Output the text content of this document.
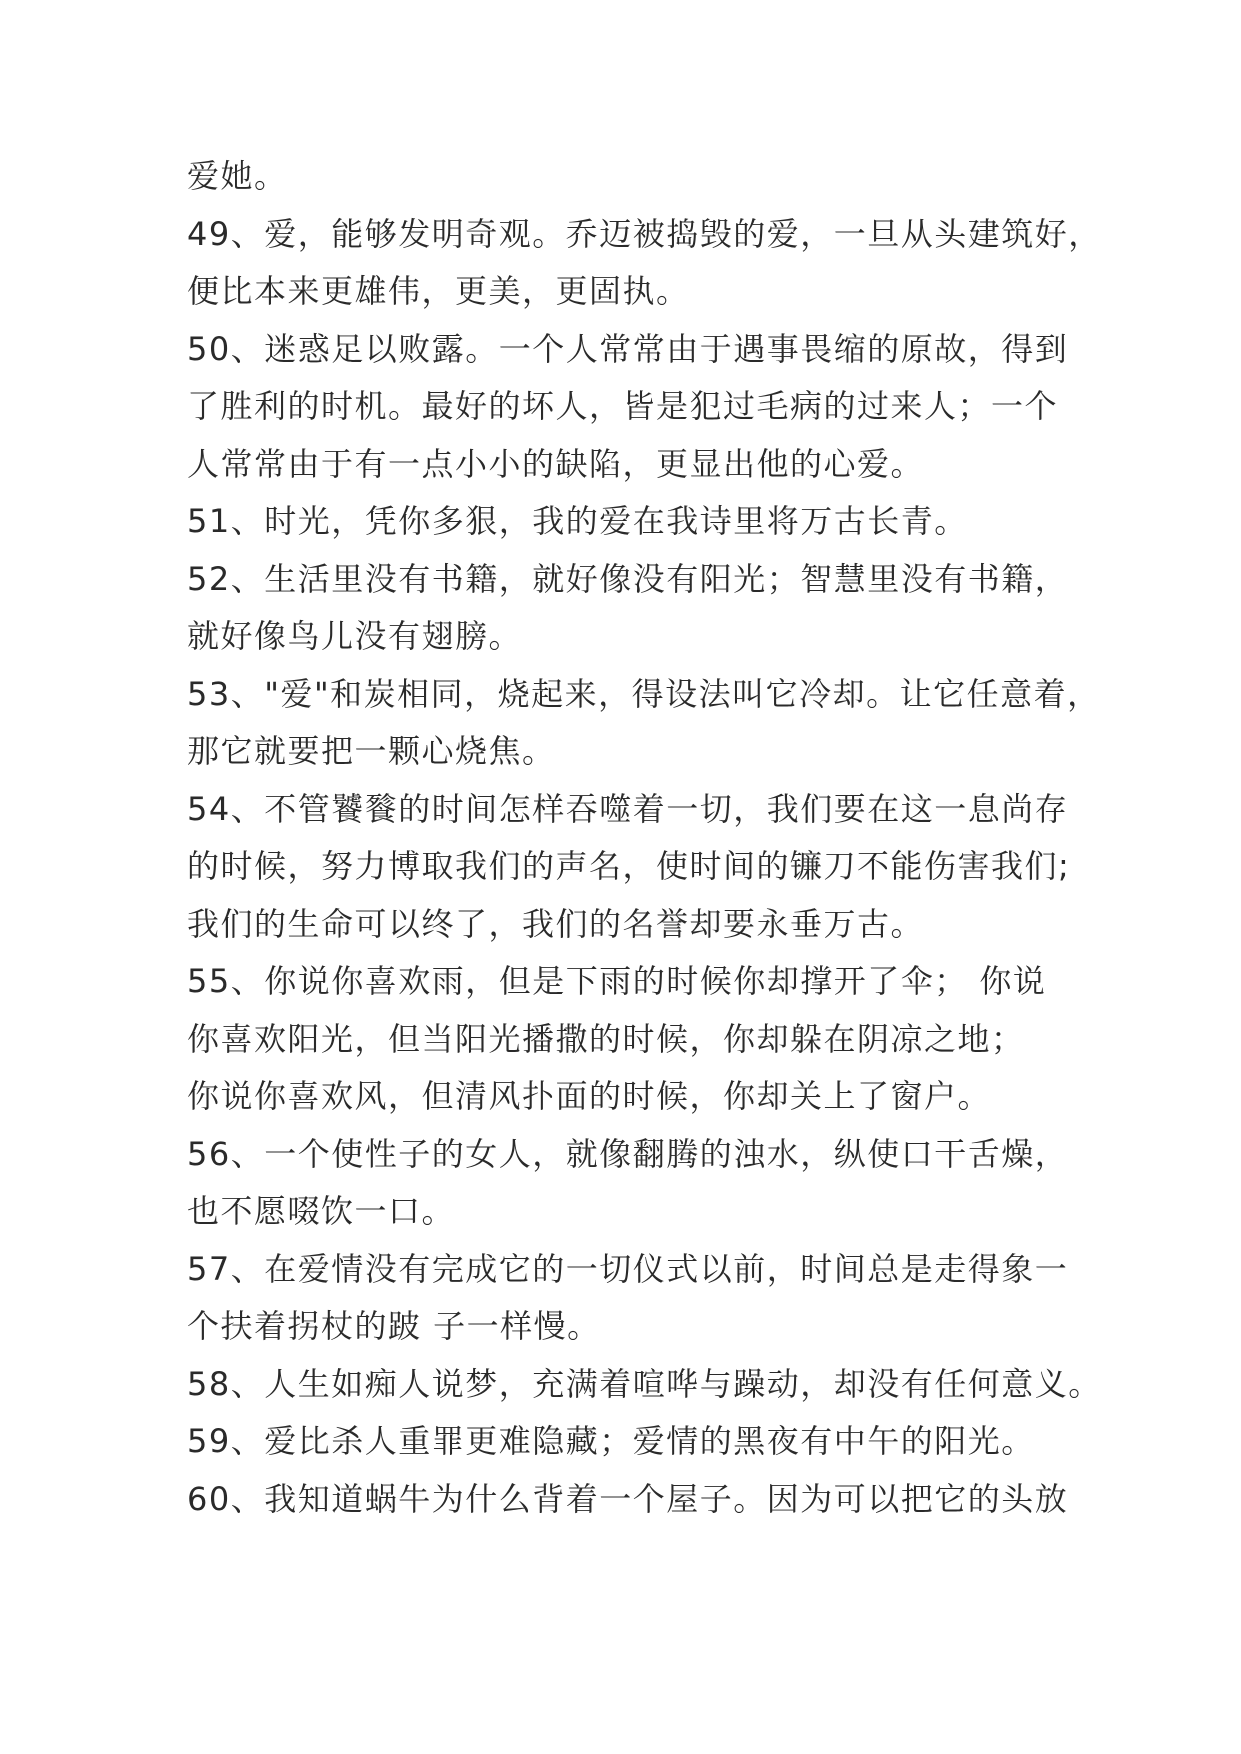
爱她。
49、爱，能够发明奇观。乔迈被捣毁的爱，一旦从头建筑好，
便比本来更雄伟，更美，更固执。
50、迷惑足以败露。一个人常常由于遇事畏缩的原故，得到
了胜利的时机。最好的坏人，皆是犯过毛病的过来人；一个
人常常由于有一点小小的缺陷，更显出他的心爱。
51、时光，凭你多狠，我的爱在我诗里将万古长青。
52、生活里没有书籍，就好像没有阳光；智慧里没有书籍，
就好像鸟儿没有翅膀。
53、"爱"和炭相同，烧起来，得设法叫它冷却。让它任意着，
那它就要把一颗心烧焦。
54、不管饕餮的时间怎样吞噬着一切，我们要在这一息尚存
的时候，努力博取我们的声名，使时间的镰刀不能伤害我们;
我们的生命可以终了，我们的名誉却要永垂万古。
55、你说你喜欢雨，但是下雨的时候你却撑开了伞； 你说
你喜欢阳光，但当阳光播撒的时候，你却躲在阴凉之地；
你说你喜欢风，但清风扑面的时候，你却关上了窗户。
56、一个使性子的女人，就像翻腾的浊水，纵使口干舌燥，
也不愿啜饮一口。
57、在爱情没有完成它的一切仪式以前，时间总是走得象一
个扶着拐杖的跛 子一样慢。
58、人生如痴人说梦，充满着喧哗与躁动，却没有任何意义。
59、爱比杀人重罪更难隐藏；爱情的黑夜有中午的阳光。
60、我知道蜗牛为什么背着一个屋子。因为可以把它的头放
